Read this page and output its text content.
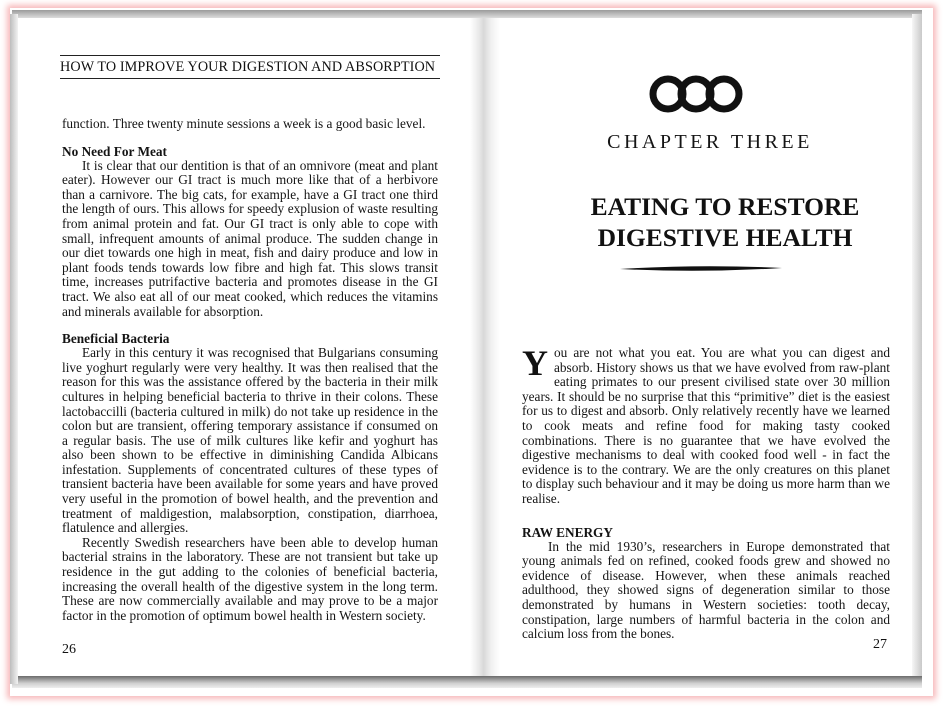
HOW TO IMPROVE YOUR DIGESTION AND ABSORPTION

function. Three twenty minute sessions a week is a good basic level.

No Need For Meat

It is clear that our dentition is that of an omnivore (meat and plant eater). However our GI tract is much more like that of a herbivore than a carnivore. The big cats, for example, have a GI tract one third the length of ours. This allows for speedy explusion of waste resulting from animal protein and fat. Our GI tract is only able to cope with small, infrequent amounts of animal produce. The sudden change in our diet towards one high in meat, fish and dairy produce and low in plant foods tends towards low fibre and high fat. This slows transit time, increases putrifactive bacteria and promotes disease in the GI tract. We also eat all of our meat cooked, which reduces the vitamins and minerals available for absorption.

Beneficial Bacteria

Early in this century it was recognised that Bulgarians consuming live yoghurt regularly were very healthy. It was then realised that the reason for this was the assistance offered by the bacteria in their milk cultures in helping beneficial bacteria to thrive in their colons. These lactobaccilli (bacteria cultured in milk) do not take up residence in the colon but are transient, offering temporary assistance if consumed on a regular basis. The use of milk cultures like kefir and yoghurt has also been shown to be effective in diminishing Candida Albicans infestation. Supplements of concentrated cultures of these types of transient bacteria have been available for some years and have proved very useful in the promotion of bowel health, and the prevention and treatment of maldigestion, malabsorption, constipation, diarrhoea, flatulence and allergies.

Recently Swedish researchers have been able to develop human bacterial strains in the laboratory. These are not transient but take up residence in the gut adding to the colonies of beneficial bacteria, increasing the overall health of the digestive system in the long term. These are now commercially available and may prove to be a major factor in the promotion of optimum bowel health in Western society.

26
CHAPTER THREE
EATING TO RESTORE
DIGESTIVE HEALTH

You are not what you eat. You are what you can digest and absorb. History shows us that we have evolved from raw-plant eating primates to our present civilised state over 30 million years. It should be no surprise that this “primitive” diet is the easiest for us to digest and absorb. Only relatively recently have we learned to cook meats and refine food for making tasty cooked combinations. There is no guarantee that we have evolved the digestive mechanisms to deal with cooked food well - in fact the evidence is to the contrary. We are the only creatures on this planet to display such behaviour and it may be doing us more harm than we realise.

RAW ENERGY

In the mid 1930’s, researchers in Europe demonstrated that young animals fed on refined, cooked foods grew and showed no evidence of disease. However, when these animals reached adulthood, they showed signs of degeneration similar to those demonstrated by humans in Western societies: tooth decay, constipation, large numbers of harmful bacteria in the colon and calcium loss from the bones.

27
